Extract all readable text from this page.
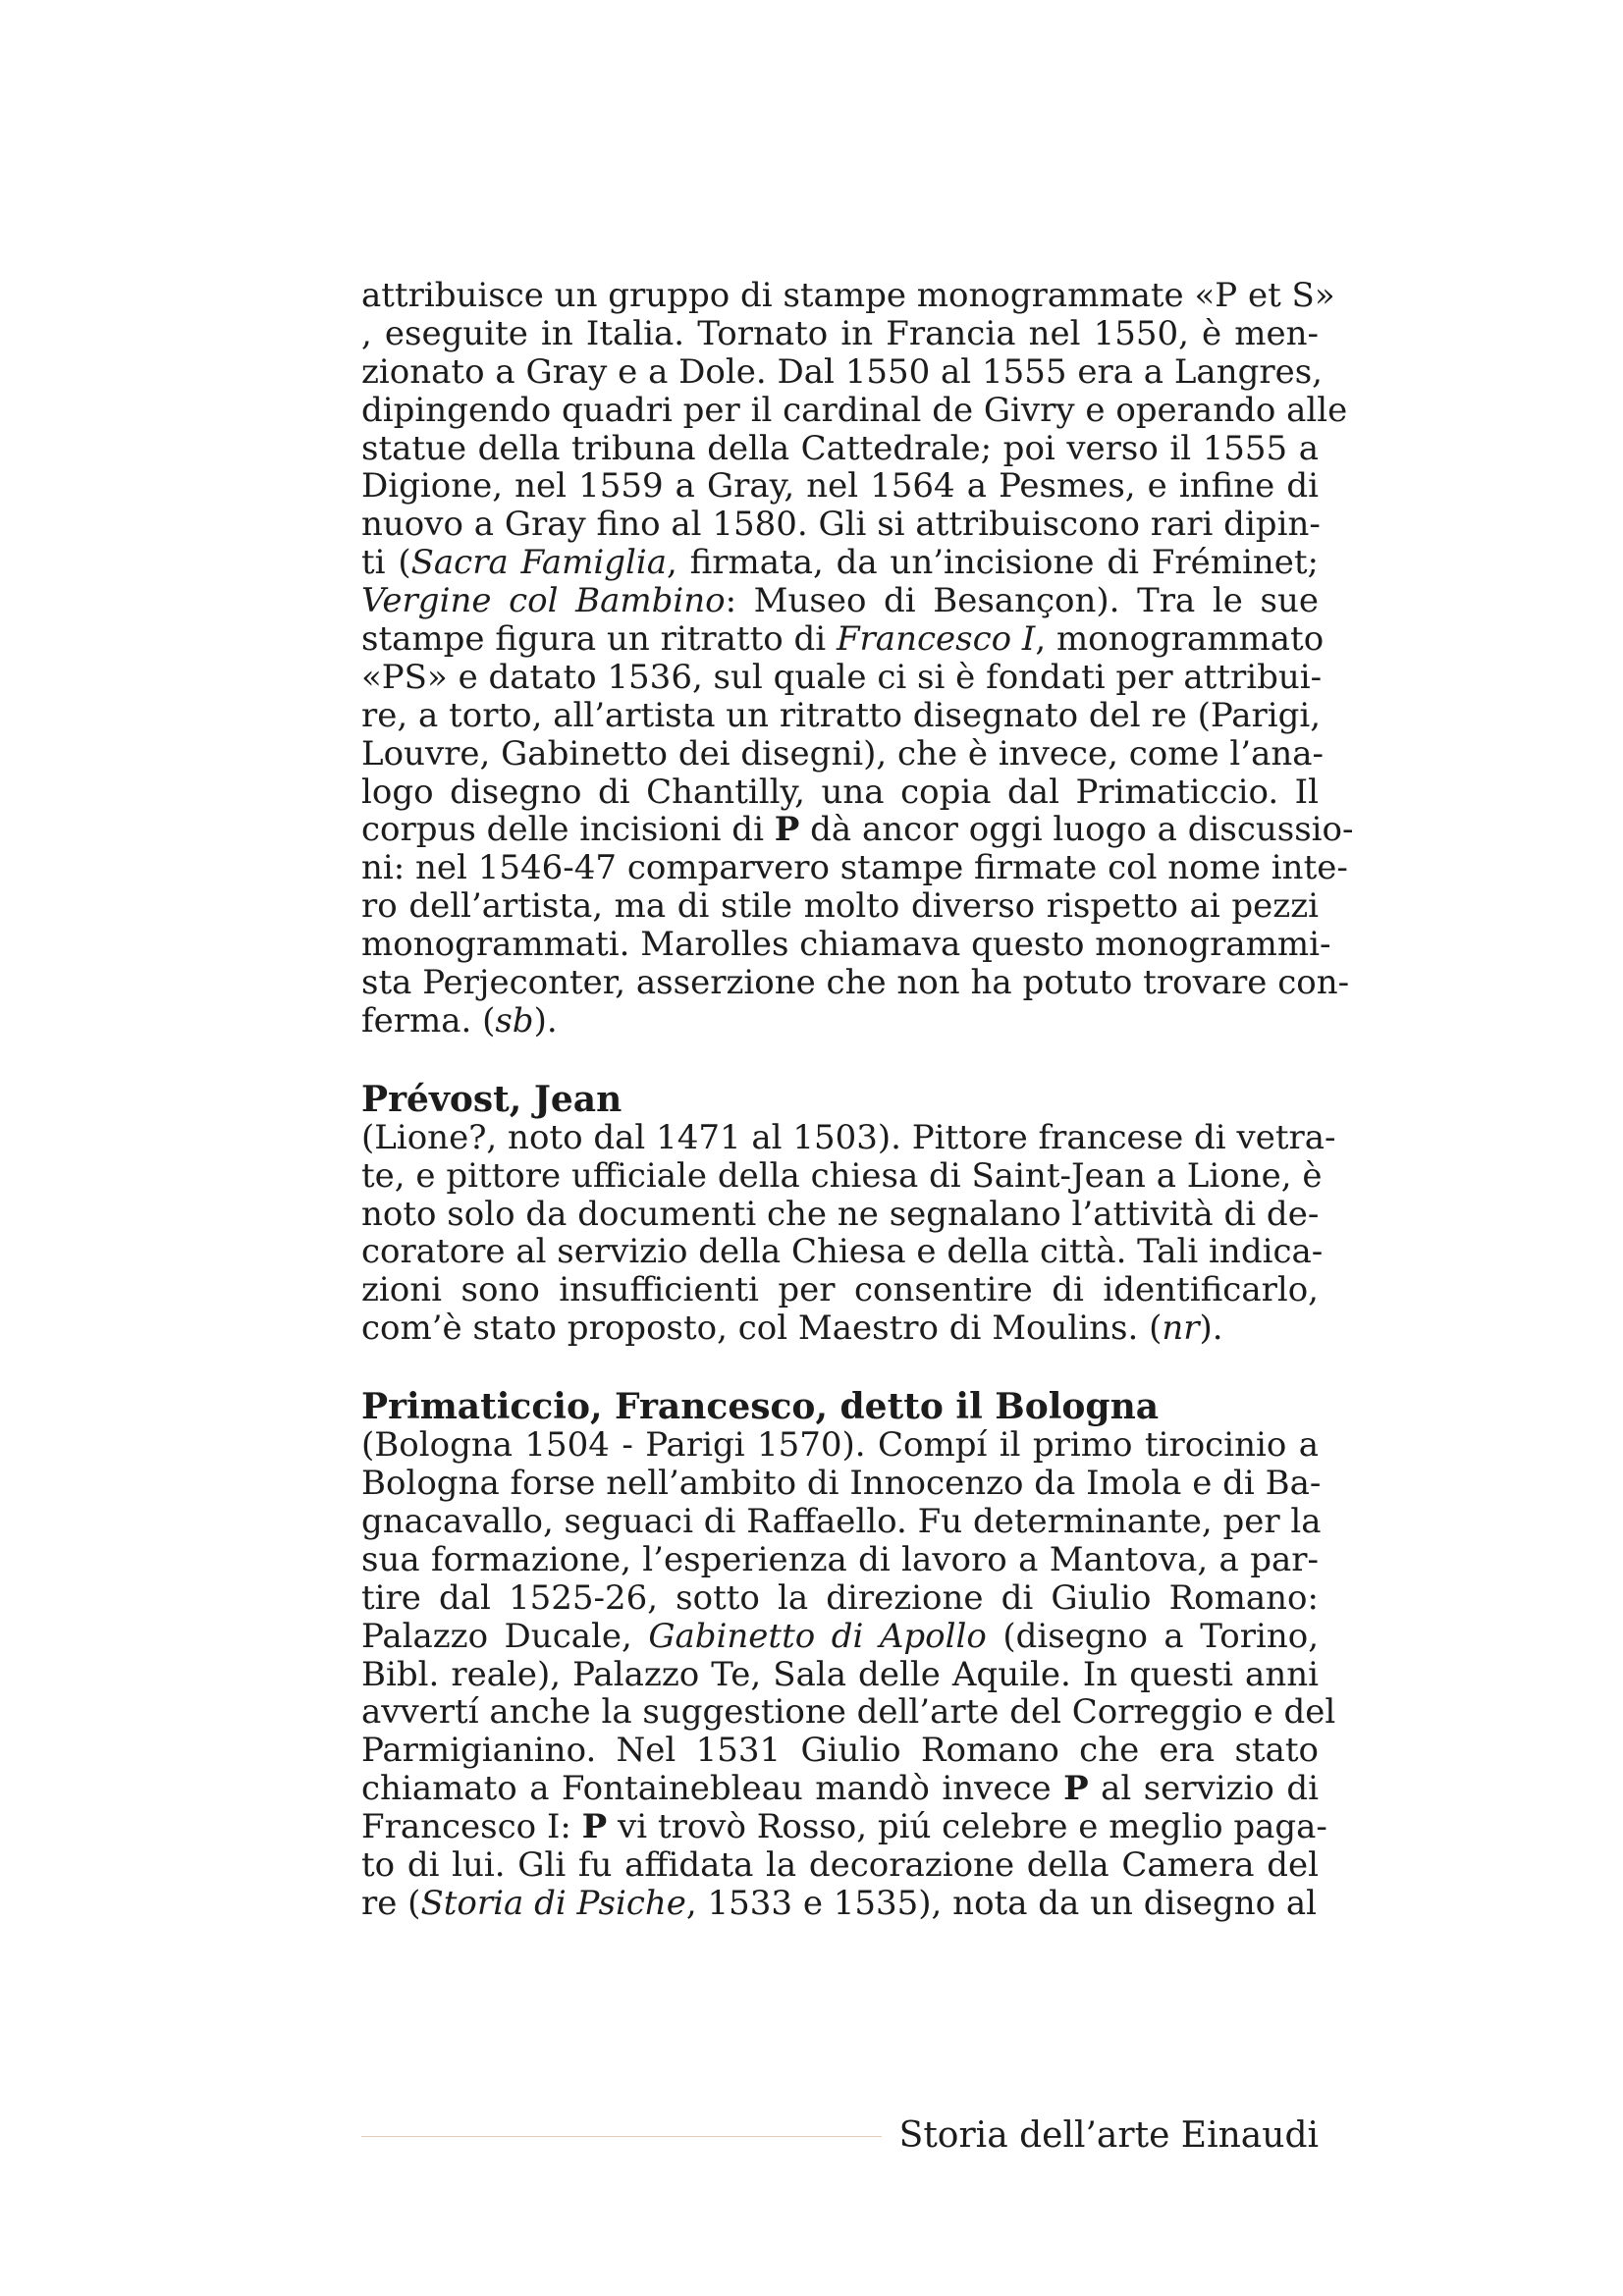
attribuisce un gruppo di stampe monogrammate «P et S»
, eseguite in Italia. Tornato in Francia nel 1550, è men-
zionato a Gray e a Dole. Dal 1550 al 1555 era a Langres,
dipingendo quadri per il cardinal de Givry e operando alle
statue della tribuna della Cattedrale; poi verso il 1555 a
Digione, nel 1559 a Gray, nel 1564 a Pesmes, e infine di
nuovo a Gray fino al 1580. Gli si attribuiscono rari dipin-
ti (Sacra Famiglia, firmata, da un’incisione di Fréminet;
Vergine col Bambino: Museo di Besançon). Tra le sue
stampe figura un ritratto di Francesco I, monogrammato
«PS» e datato 1536, sul quale ci si è fondati per attribui-
re, a torto, all’artista un ritratto disegnato del re (Parigi,
Louvre, Gabinetto dei disegni), che è invece, come l’ana-
logo disegno di Chantilly, una copia dal Primaticcio. Il
corpus delle incisioni di P dà ancor oggi luogo a discussio-
ni: nel 1546-47 comparvero stampe firmate col nome inte-
ro dell’artista, ma di stile molto diverso rispetto ai pezzi
monogrammati. Marolles chiamava questo monogrammi-
sta Perjeconter, asserzione che non ha potuto trovare con-
ferma. (sb).
Prévost, Jean
(Lione?, noto dal 1471 al 1503). Pittore francese di vetra-
te, e pittore ufficiale della chiesa di Saint-Jean a Lione, è
noto solo da documenti che ne segnalano l’attività di de-
coratore al servizio della Chiesa e della città. Tali indica-
zioni sono insufficienti per consentire di identificarlo,
com’è stato proposto, col Maestro di Moulins. (nr).
Primaticcio, Francesco, detto il Bologna
(Bologna 1504 - Parigi 1570). Compí il primo tirocinio a
Bologna forse nell’ambito di Innocenzo da Imola e di Ba-
gnacavallo, seguaci di Raffaello. Fu determinante, per la
sua formazione, l’esperienza di lavoro a Mantova, a par-
tire dal 1525-26, sotto la direzione di Giulio Romano:
Palazzo Ducale, Gabinetto di Apollo (disegno a Torino,
Bibl. reale), Palazzo Te, Sala delle Aquile. In questi anni
avvertí anche la suggestione dell’arte del Correggio e del
Parmigianino. Nel 1531 Giulio Romano che era stato
chiamato a Fontainebleau mandò invece P al servizio di
Francesco I: P vi trovò Rosso, piú celebre e meglio paga-
to di lui. Gli fu affidata la decorazione della Camera del
re (Storia di Psiche, 1533 e 1535), nota da un disegno al
Storia dell’arte Einaudi
